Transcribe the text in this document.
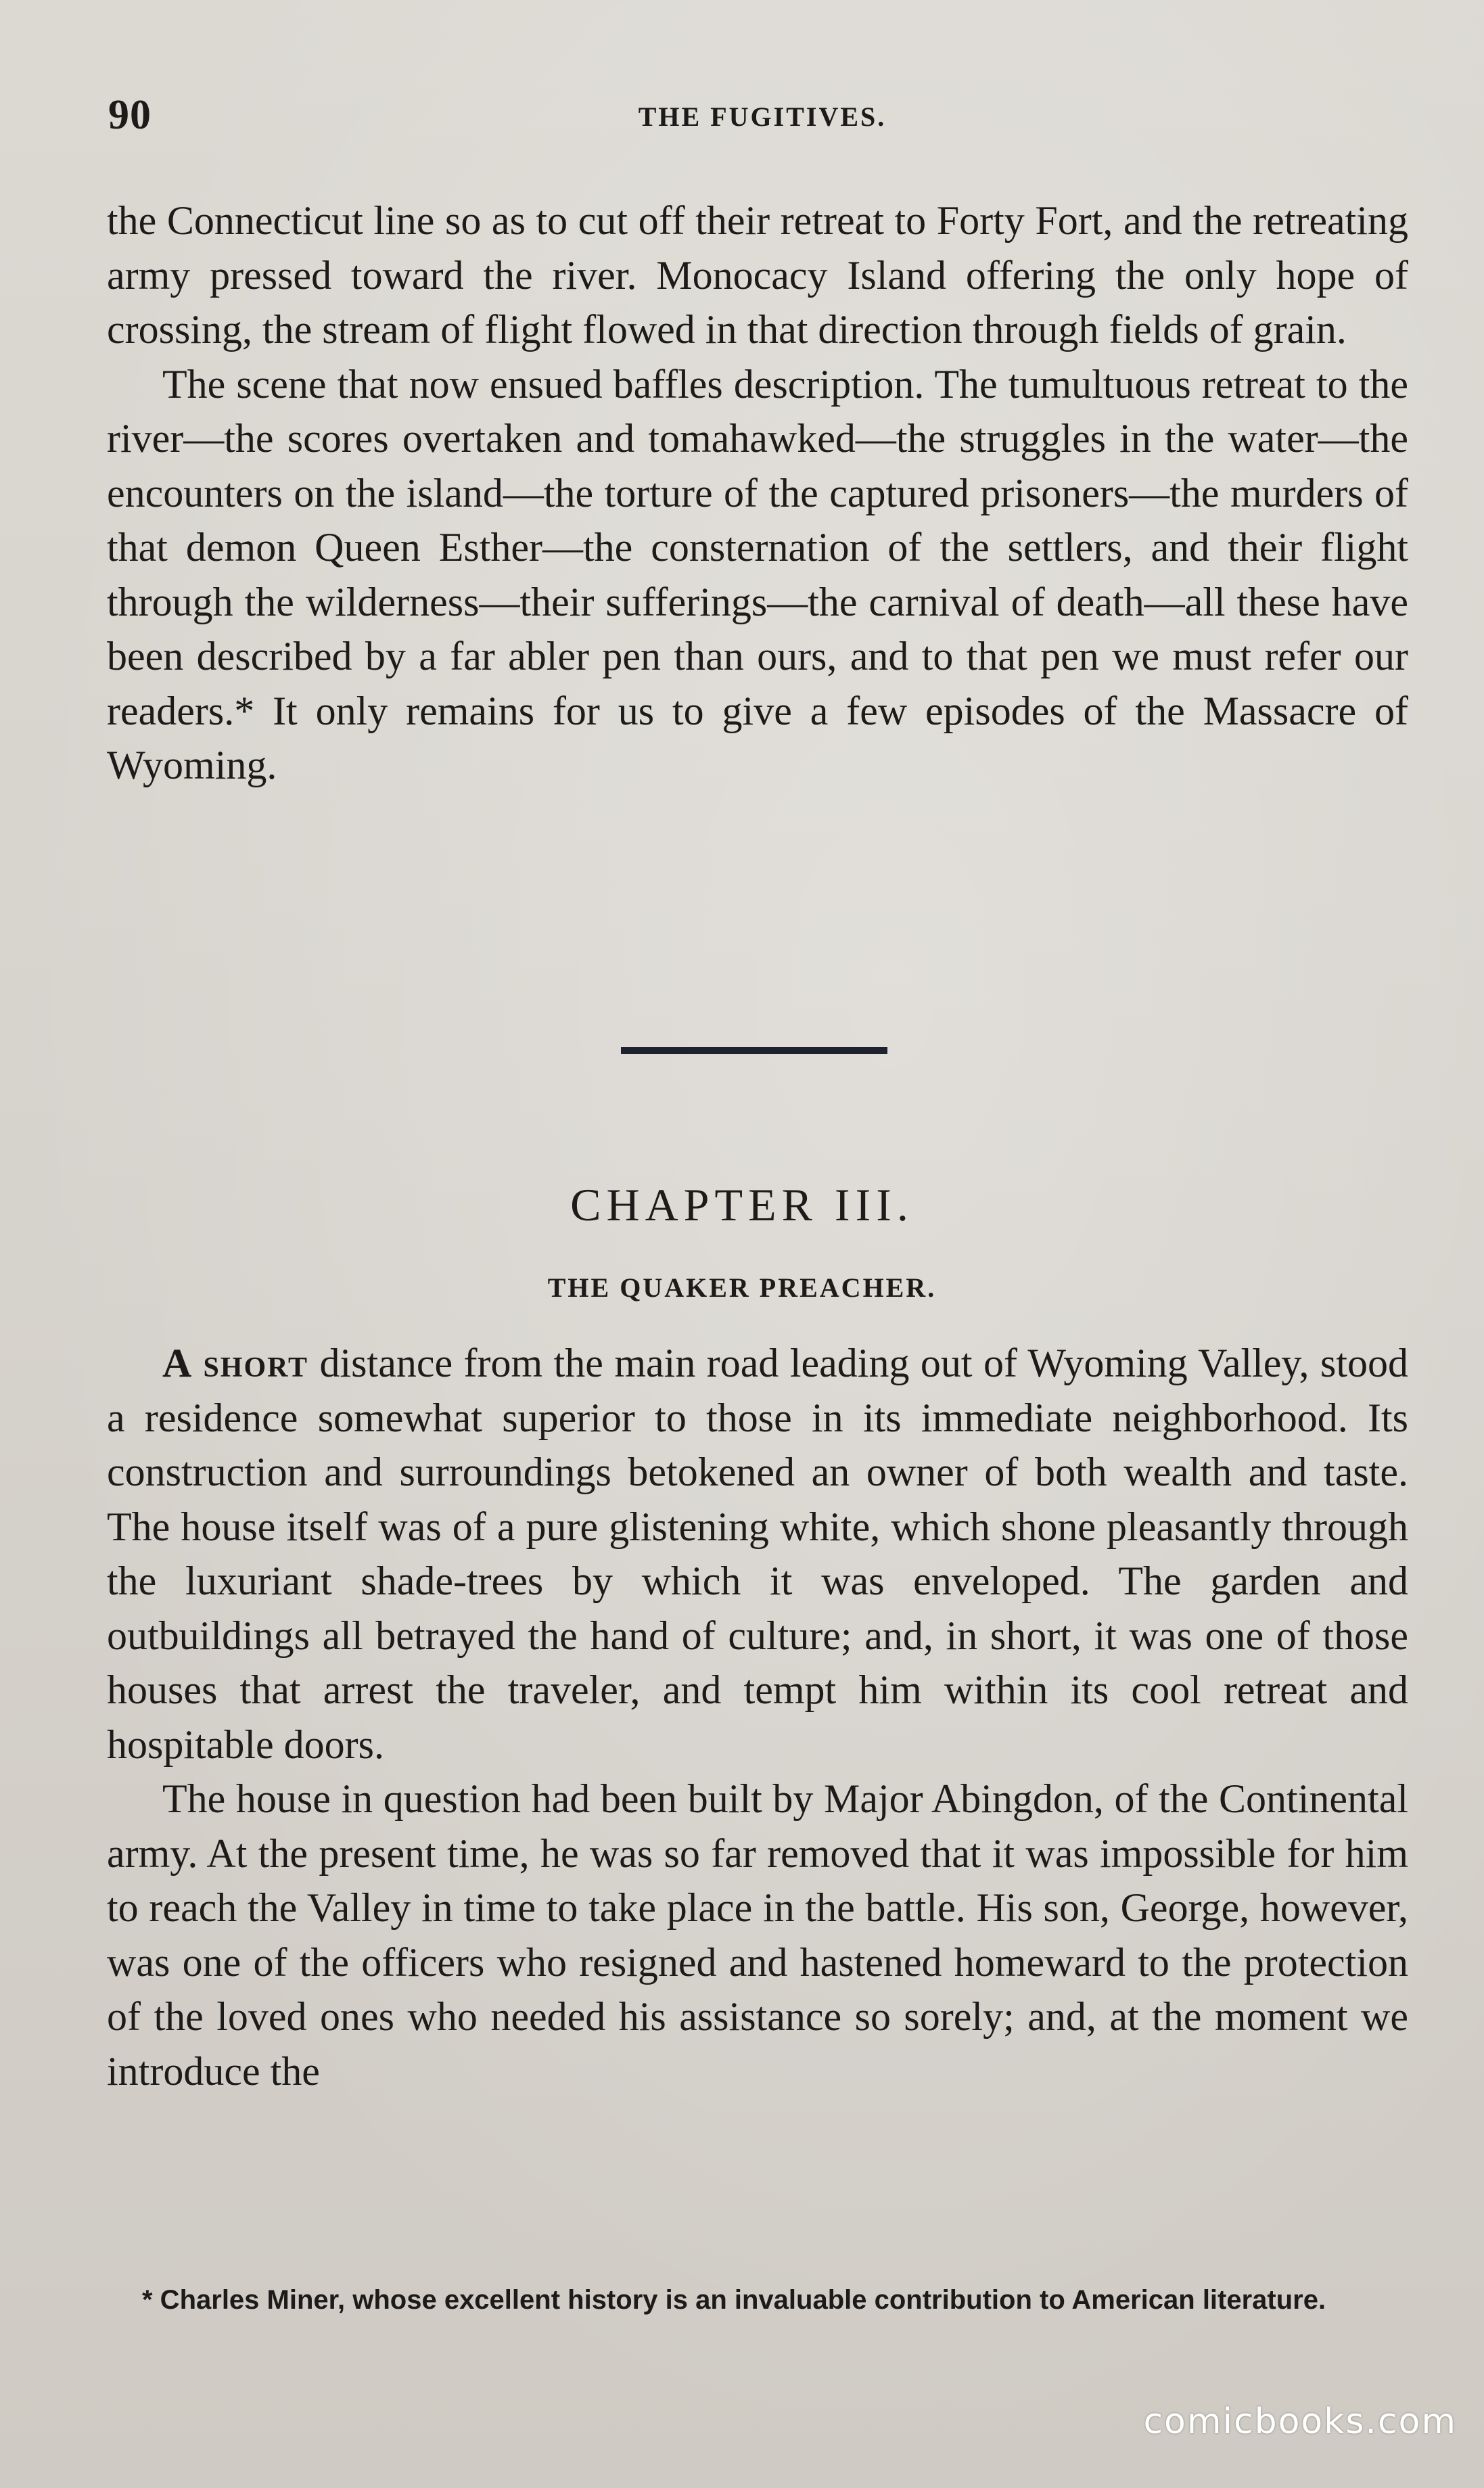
90	THE FUGITIVES.

the Connecticut line so as to cut off their retreat to Forty Fort, and the retreating army pressed toward the river. Monocacy Island offering the only hope of crossing, the stream of flight flowed in that direction through fields of grain.

The scene that now ensued baffles description. The tumultuous retreat to the river—the scores overtaken and tomahawked—the struggles in the water—the encounters on the island—the torture of the captured prisoners—the murders of that demon Queen Esther—the consternation of the settlers, and their flight through the wilderness—their sufferings—the carnival of death—all these have been described by a far abler pen than ours, and to that pen we must refer our readers.* It only remains for us to give a few episodes of the Massacre of Wyoming.

CHAPTER III.
THE QUAKER PREACHER.

A short distance from the main road leading out of Wyoming Valley, stood a residence somewhat superior to those in its immediate neighborhood. Its construction and surroundings betokened an owner of both wealth and taste. The house itself was of a pure glistening white, which shone pleasantly through the luxuriant shade-trees by which it was enveloped. The garden and outbuildings all betrayed the hand of culture; and, in short, it was one of those houses that arrest the traveler, and tempt him within its cool retreat and hospitable doors.

The house in question had been built by Major Abingdon, of the Continental army. At the present time, he was so far removed that it was impossible for him to reach the Valley in time to take place in the battle. His son, George, however, was one of the officers who resigned and hastened homeward to the protection of the loved ones who needed his assistance so sorely; and, at the moment we introduce the

* Charles Miner, whose excellent history is an invaluable contribution to American literature.
comicbooks.com
